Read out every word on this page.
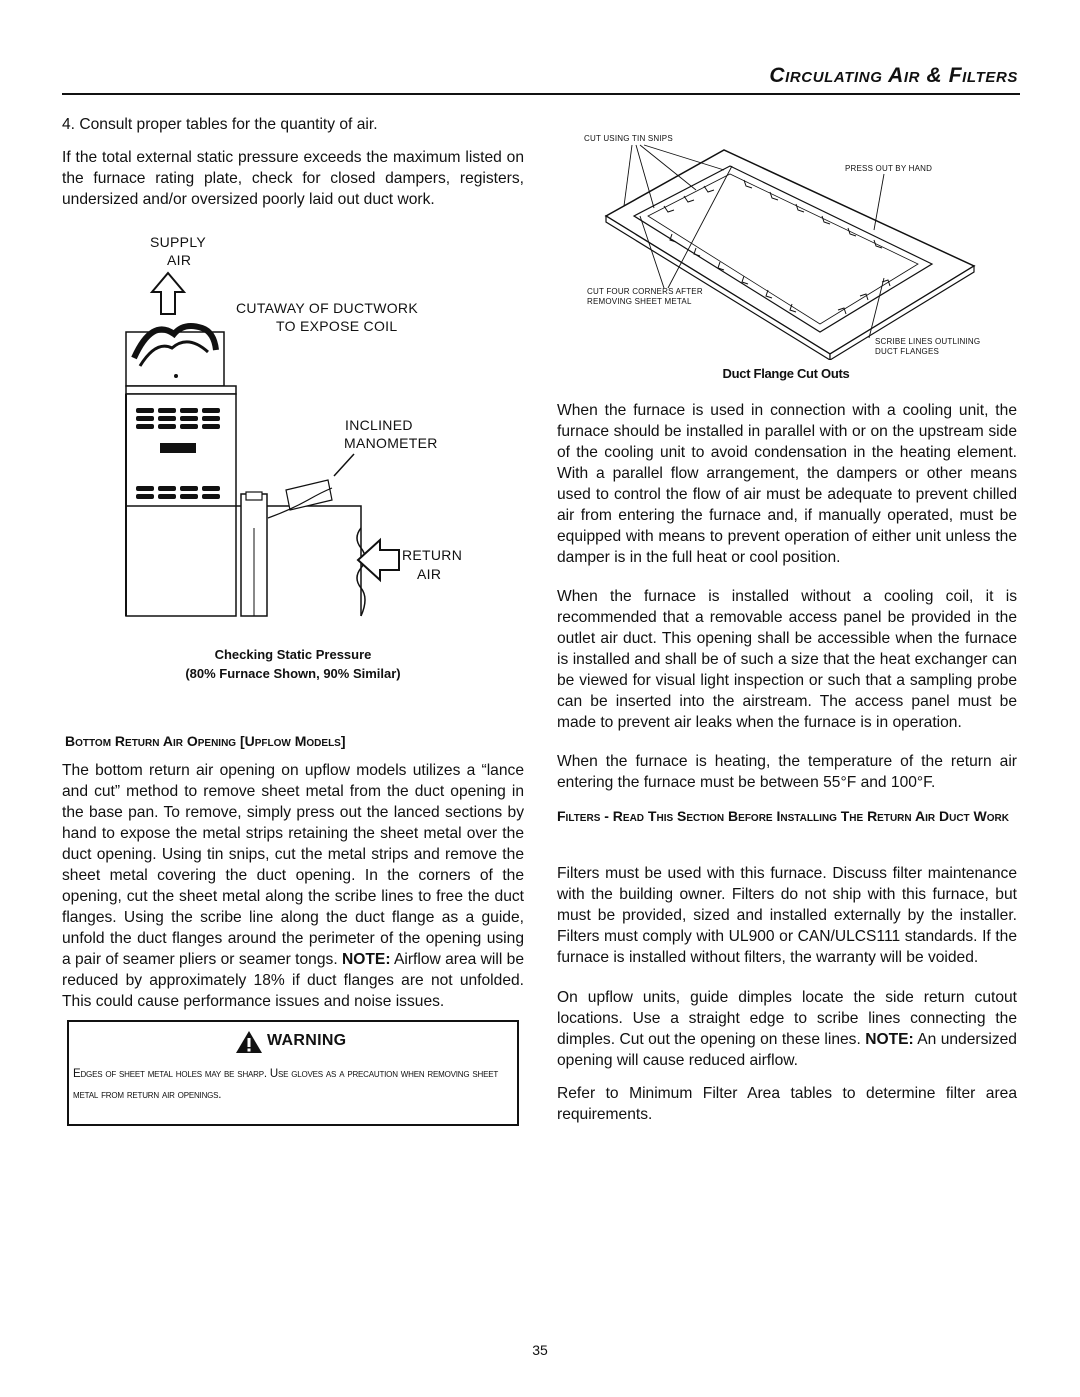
Circulating Air & Filters

4. Consult proper tables for the quantity of air.

If the total external static pressure exceeds the maximum listed on the furnace rating plate, check for closed dampers, registers, undersized and/or oversized poorly laid out duct work.

SUPPLY
AIR
CUTAWAY OF DUCTWORK
TO EXPOSE COIL
INCLINED
MANOMETER
RETURN
AIR
Checking Static Pressure
(80% Furnace Shown, 90% Similar)
Bottom Return Air Opening [Upflow Models]

The bottom return air opening on upflow models utilizes a “lance and cut” method to remove sheet metal from the duct opening in the base pan. To remove, simply press out the lanced sections by hand to expose the metal strips retaining the sheet metal over the duct opening. Using tin snips, cut the metal strips and remove the sheet metal covering the duct opening. In the corners of the opening, cut the sheet metal along the scribe lines to free the duct flanges. Using the scribe line along the duct flange as a guide, unfold the duct flanges around the perimeter of the opening using a pair of seamer pliers or seamer tongs. NOTE: Airflow area will be reduced by approximately 18% if duct flanges are not unfolded. This could cause performance issues and noise issues.

WARNING
Edges of sheet metal holes may be sharp. Use gloves as a precaution when removing sheet metal from return air openings.
CUT USING TIN SNIPS
PRESS OUT BY HAND
CUT FOUR CORNERS AFTER REMOVING SHEET METAL
SCRIBE LINES OUTLINING DUCT FLANGES
Duct Flange Cut Outs

When the furnace is used in connection with a cooling unit, the furnace should be installed in parallel with or on the upstream side of the cooling unit to avoid condensation in the heating element. With a parallel flow arrangement, the dampers or other means used to control the flow of air must be adequate to prevent chilled air from entering the furnace and, if manually operated, must be equipped with means to prevent operation of either unit unless the damper is in the full heat or cool position.

When the furnace is installed without a cooling coil, it is recommended that a removable access panel be provided in the outlet air duct. This opening shall be accessible when the furnace is installed and shall be of such a size that the heat exchanger can be viewed for visual light inspection or such that a sampling probe can be inserted into the airstream. The access panel must be made to prevent air leaks when the furnace is in operation.

When the furnace is heating, the temperature of the return air entering the furnace must be between 55°F and 100°F.

Filters - Read This Section Before Installing The Return Air Duct Work

Filters must be used with this furnace. Discuss filter maintenance with the building owner. Filters do not ship with this furnace, but must be provided, sized and installed externally by the installer. Filters must comply with UL900 or CAN/ULCS111 standards. If the furnace is installed without filters, the warranty will be voided.

On upflow units, guide dimples locate the side return cutout locations. Use a straight edge to scribe lines connecting the dimples. Cut out the opening on these lines. NOTE: An undersized opening will cause reduced airflow.

Refer to Minimum Filter Area tables to determine filter area requirements.

35
